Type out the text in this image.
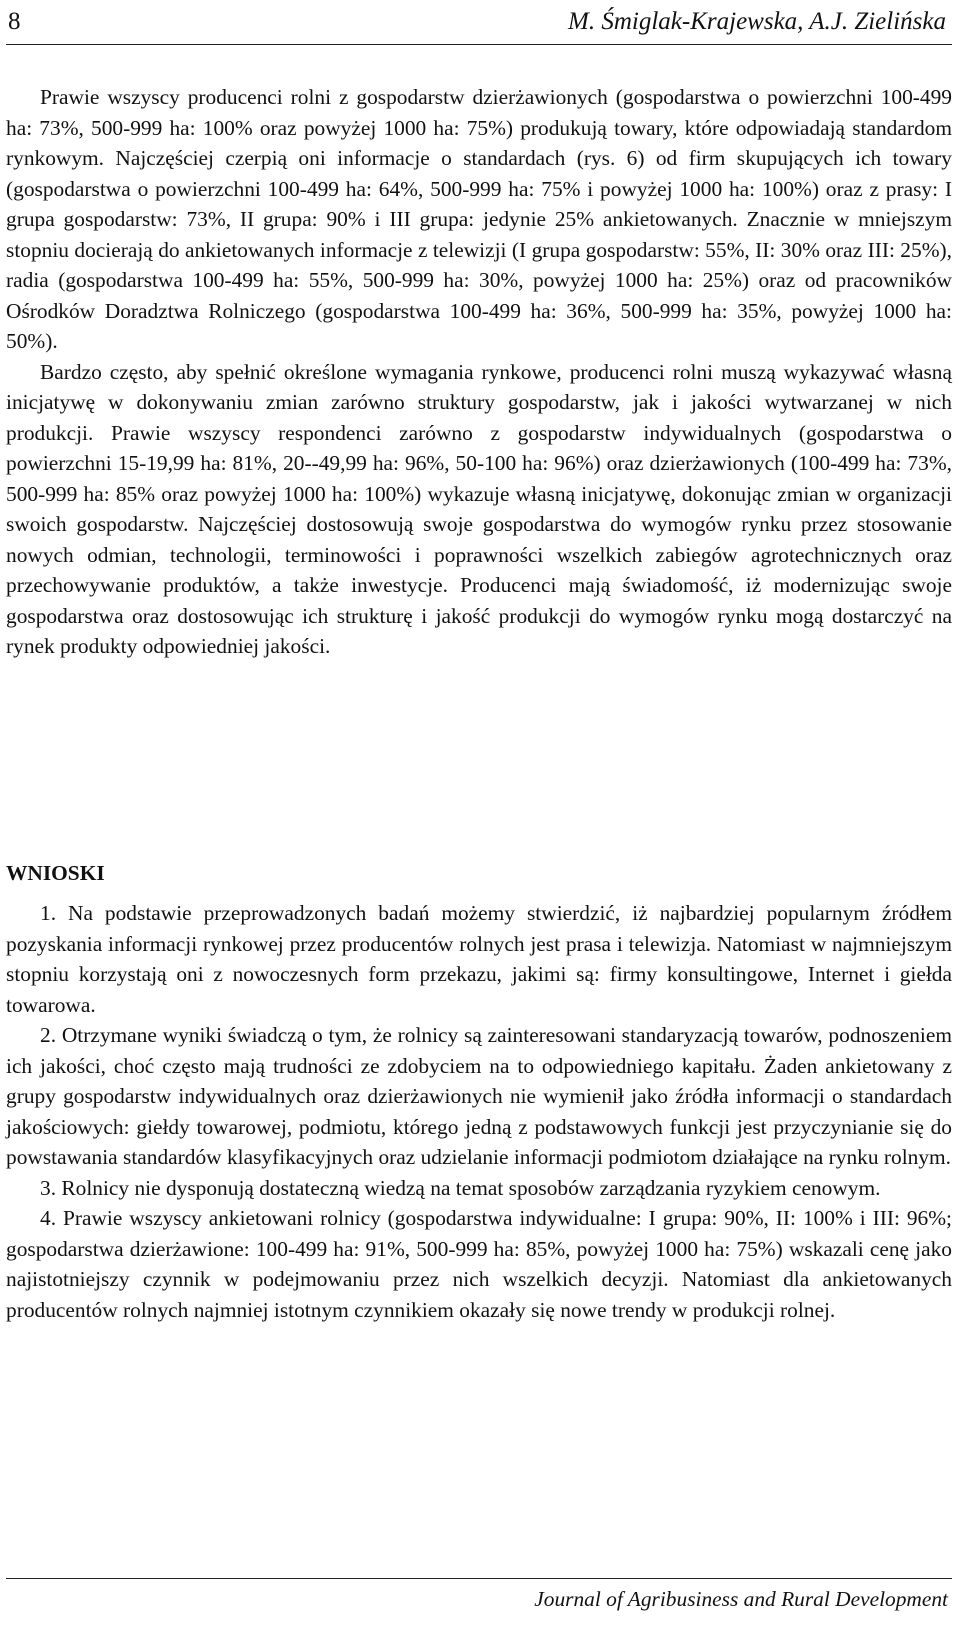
8	M. Śmiglak-Krajewska, A.J. Zielińska

Prawie wszyscy producenci rolni z gospodarstw dzierżawionych (gospodarstwa o powierzchni 100-499 ha: 73%, 500-999 ha: 100% oraz powyżej 1000 ha: 75%) produkują towary, które odpowiadają standardom rynkowym. Najczęściej czerpią oni informacje o standardach (rys. 6) od firm skupujących ich towary (gospodarstwa o powierzchni 100-499 ha: 64%, 500-999 ha: 75% i powyżej 1000 ha: 100%) oraz z prasy: I grupa gospodarstw: 73%, II grupa: 90% i III grupa: jedynie 25% ankietowanych. Znacznie w mniejszym stopniu docierają do ankietowanych informacje z telewizji (I grupa gospodarstw: 55%, II: 30% oraz III: 25%), radia (gospodarstwa 100-499 ha: 55%, 500-999 ha: 30%, powyżej 1000 ha: 25%) oraz od pracowników Ośrodków Doradztwa Rolniczego (gospodarstwa 100-499 ha: 36%, 500-999 ha: 35%, powyżej 1000 ha: 50%).

Bardzo często, aby spełnić określone wymagania rynkowe, producenci rolni muszą wykazywać własną inicjatywę w dokonywaniu zmian zarówno struktury gospodarstw, jak i jakości wytwarzanej w nich produkcji. Prawie wszyscy respondenci zarówno z gospodarstw indywidualnych (gospodarstwa o powierzchni 15-19,99 ha: 81%, 20--49,99 ha: 96%, 50-100 ha: 96%) oraz dzierżawionych (100-499 ha: 73%, 500-999 ha: 85% oraz powyżej 1000 ha: 100%) wykazuje własną inicjatywę, dokonując zmian w organizacji swoich gospodarstw. Najczęściej dostosowują swoje gospodarstwa do wymogów rynku przez stosowanie nowych odmian, technologii, terminowości i poprawności wszelkich zabiegów agrotechnicznych oraz przechowywanie produktów, a także inwestycje. Producenci mają świadomość, iż modernizując swoje gospodarstwa oraz dostosowując ich strukturę i jakość produkcji do wymogów rynku mogą dostarczyć na rynek produkty odpowiedniej jakości.

WNIOSKI

1. Na podstawie przeprowadzonych badań możemy stwierdzić, iż najbardziej popularnym źródłem pozyskania informacji rynkowej przez producentów rolnych jest prasa i telewizja. Natomiast w najmniejszym stopniu korzystają oni z nowoczesnych form przekazu, jakimi są: firmy konsultingowe, Internet i giełda towarowa.

2. Otrzymane wyniki świadczą o tym, że rolnicy są zainteresowani standaryzacją towarów, podnoszeniem ich jakości, choć często mają trudności ze zdobyciem na to odpowiedniego kapitału. Żaden ankietowany z grupy gospodarstw indywidualnych oraz dzierżawionych nie wymienił jako źródła informacji o standardach jakościowych: giełdy towarowej, podmiotu, którego jedną z podstawowych funkcji jest przyczynianie się do powstawania standardów klasyfikacyjnych oraz udzielanie informacji podmiotom działające na rynku rolnym.

3. Rolnicy nie dysponują dostateczną wiedzą na temat sposobów zarządzania ryzykiem cenowym.

4. Prawie wszyscy ankietowani rolnicy (gospodarstwa indywidualne: I grupa: 90%, II: 100% i III: 96%; gospodarstwa dzierżawione: 100-499 ha: 91%, 500-999 ha: 85%, powyżej 1000 ha: 75%) wskazali cenę jako najistotniejszy czynnik w podejmowaniu przez nich wszelkich decyzji. Natomiast dla ankietowanych producentów rolnych najmniej istotnym czynnikiem okazały się nowe trendy w produkcji rolnej.

Journal of Agribusiness and Rural Development
